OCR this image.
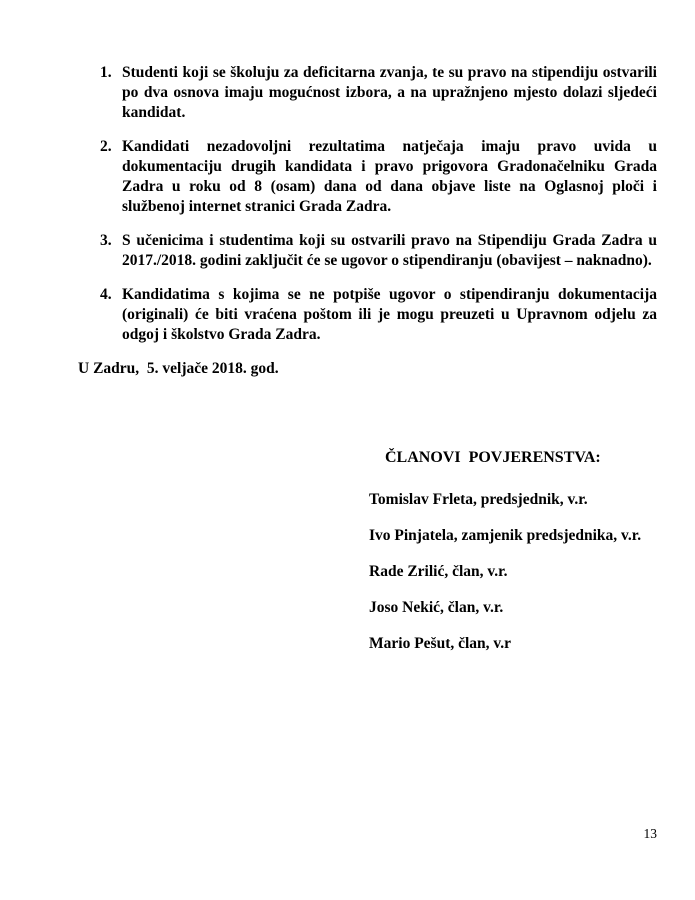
1. Studenti koji se školuju za deficitarna zvanja, te su pravo na stipendiju ostvarili po dva osnova imaju mogućnost izbora, a na upražnjeno mjesto dolazi sljedeći kandidat.

2. Kandidati nezadovoljni rezultatima natječaja imaju pravo uvida u dokumentaciju drugih kandidata i pravo prigovora Gradonačelniku Grada Zadra u roku od 8 (osam) dana od dana objave liste na Oglasnoj ploči i službenoj internet stranici Grada Zadra.

3. S učenicima i studentima koji su ostvarili pravo na Stipendiju Grada Zadra u 2017./2018. godini zaključit će se ugovor o stipendiranju (obavijest – naknadno).

4. Kandidatima s kojima se ne potpiše ugovor o stipendiranju dokumentacija (originali) će biti vraćena poštom ili je mogu preuzeti u Upravnom odjelu za odgoj i školstvo Grada Zadra.

U Zadru,  5. veljače 2018. god.

ČLANOVI  POVJERENSTVA:

Tomislav Frleta, predsjednik, v.r.

Ivo Pinjatela, zamjenik predsjednika, v.r.

Rade Zrilić, član, v.r.

Joso Nekić, član, v.r.

Mario Pešut, član, v.r

13
